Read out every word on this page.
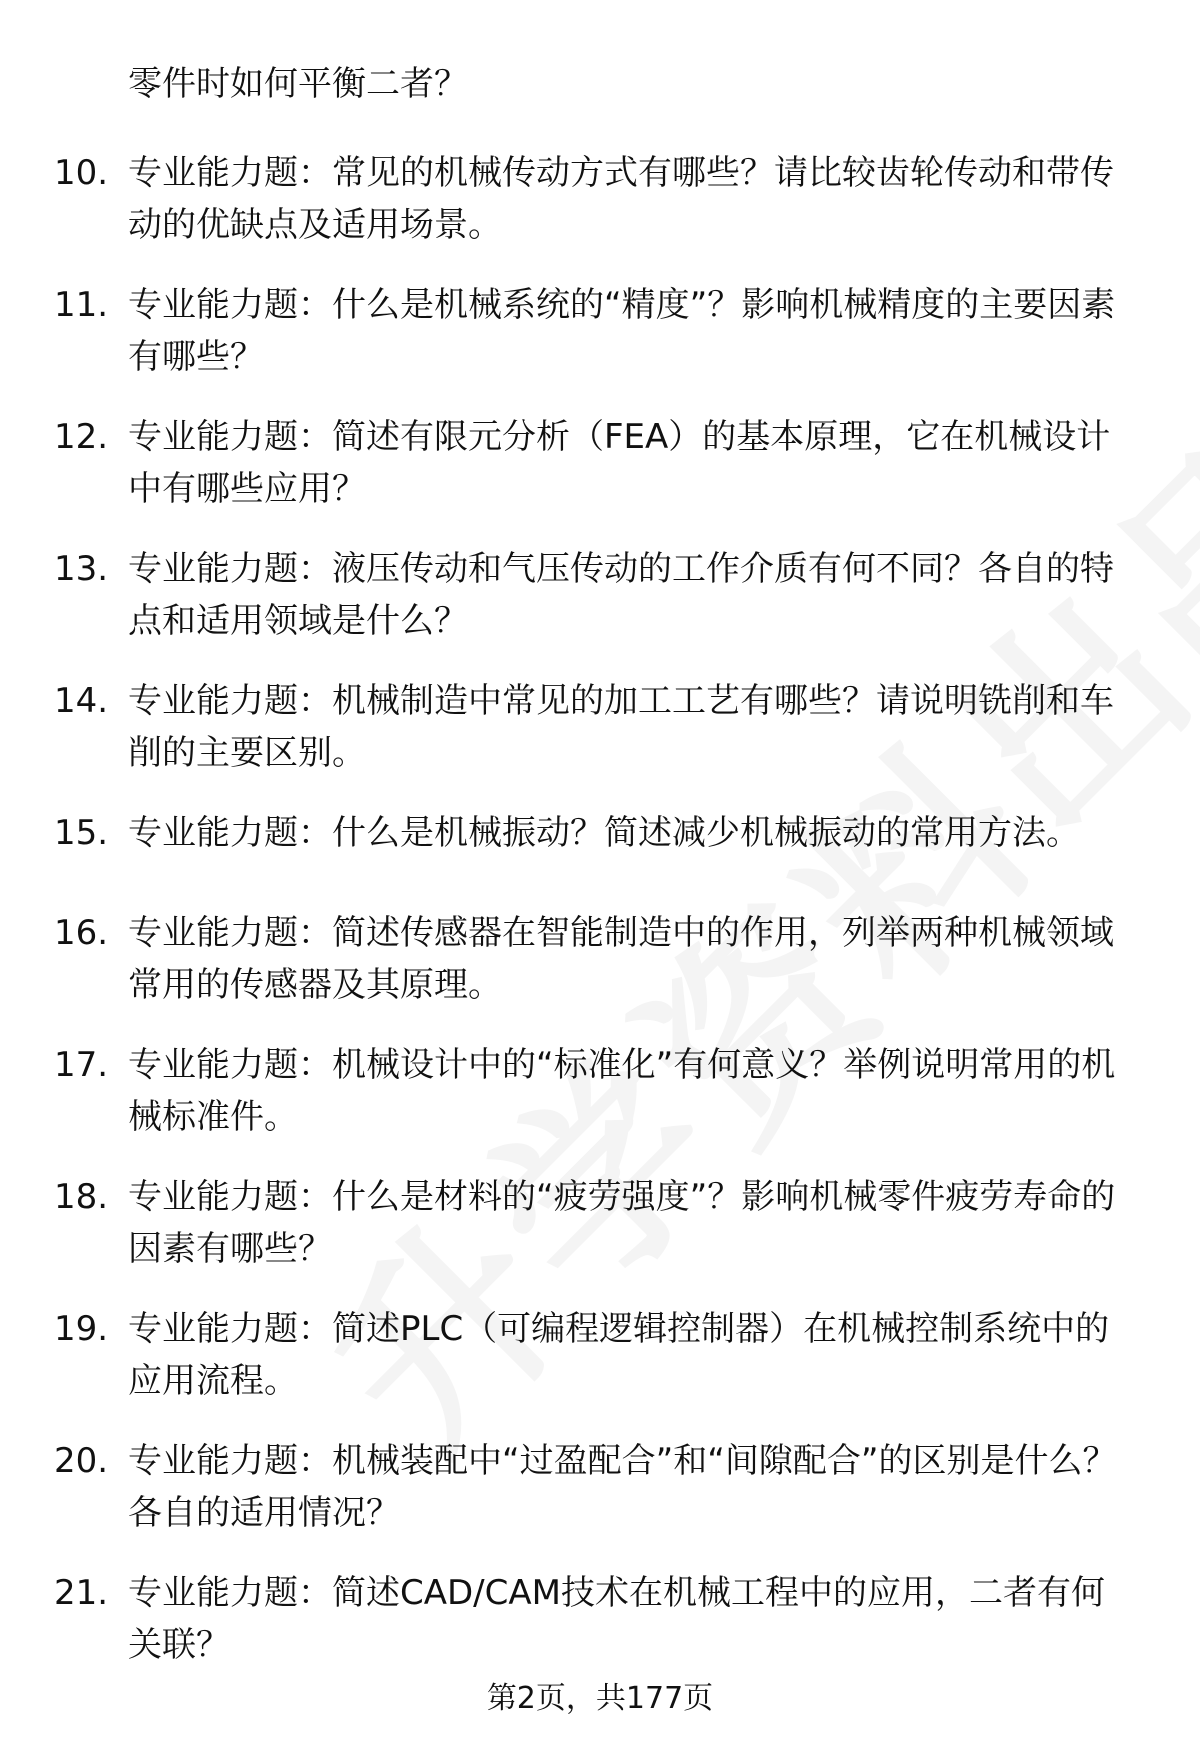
零件时如何平衡二者？
10. 专业能力题：常见的机械传动方式有哪些？请比较齿轮传动和带传动的优缺点及适用场景。
11. 专业能力题：什么是机械系统的“精度”？影响机械精度的主要因素有哪些？
12. 专业能力题：简述有限元分析（FEA）的基本原理，它在机械设计中有哪些应用？
13. 专业能力题：液压传动和气压传动的工作介质有何不同？各自的特点和适用领域是什么？
14. 专业能力题：机械制造中常见的加工工艺有哪些？请说明铣削和车削的主要区别。
15. 专业能力题：什么是机械振动？简述减少机械振动的常用方法。
16. 专业能力题：简述传感器在智能制造中的作用，列举两种机械领域常用的传感器及其原理。
17. 专业能力题：机械设计中的“标准化”有何意义？举例说明常用的机械标准件。
18. 专业能力题：什么是材料的“疲劳强度”？影响机械零件疲劳寿命的因素有哪些？
19. 专业能力题：简述PLC（可编程逻辑控制器）在机械控制系统中的应用流程。
20. 专业能力题：机械装配中“过盈配合”和“间隙配合”的区别是什么？各自的适用情况？
21. 专业能力题：简述CAD/CAM技术在机械工程中的应用，二者有何关联？
第2页，共177页
